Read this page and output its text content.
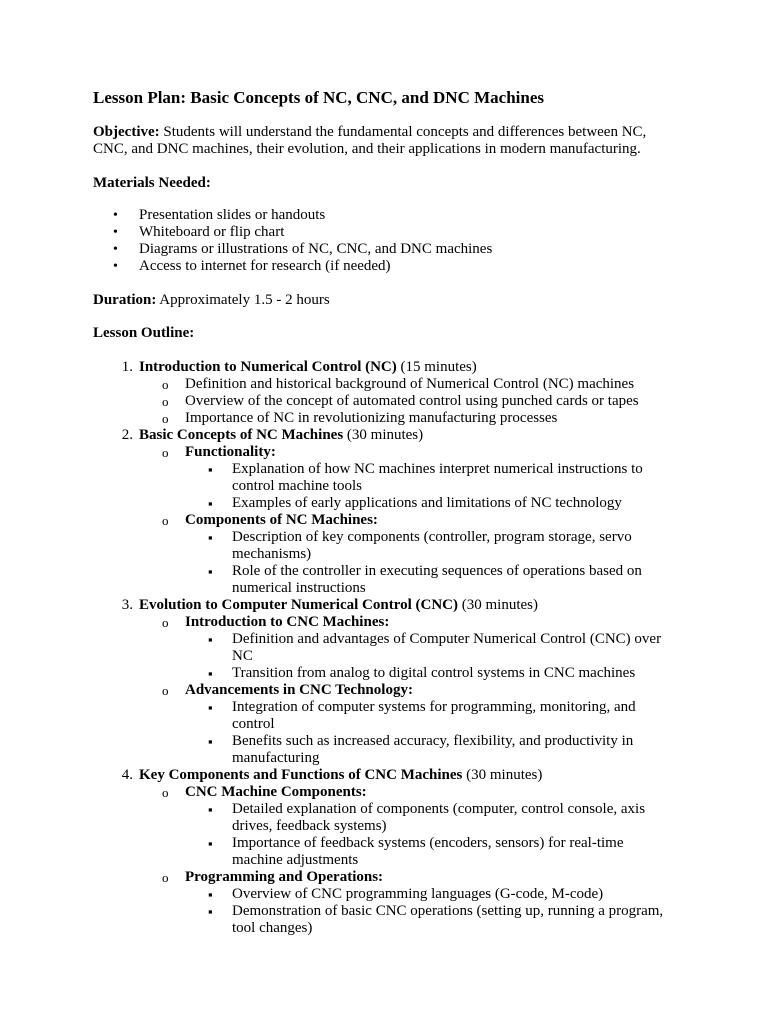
Lesson Plan: Basic Concepts of NC, CNC, and DNC Machines

Objective: Students will understand the fundamental concepts and differences between NC, CNC, and DNC machines, their evolution, and their applications in modern manufacturing.

Materials Needed:

• Presentation slides or handouts
• Whiteboard or flip chart
• Diagrams or illustrations of NC, CNC, and DNC machines
• Access to internet for research (if needed)

Duration: Approximately 1.5 - 2 hours

Lesson Outline:

1. Introduction to Numerical Control (NC) (15 minutes)
o Definition and historical background of Numerical Control (NC) machines
o Overview of the concept of automated control using punched cards or tapes
o Importance of NC in revolutionizing manufacturing processes
2. Basic Concepts of NC Machines (30 minutes)
o Functionality:
▪ Explanation of how NC machines interpret numerical instructions to control machine tools
▪ Examples of early applications and limitations of NC technology
o Components of NC Machines:
▪ Description of key components (controller, program storage, servo mechanisms)
▪ Role of the controller in executing sequences of operations based on numerical instructions
3. Evolution to Computer Numerical Control (CNC) (30 minutes)
o Introduction to CNC Machines:
▪ Definition and advantages of Computer Numerical Control (CNC) over NC
▪ Transition from analog to digital control systems in CNC machines
o Advancements in CNC Technology:
▪ Integration of computer systems for programming, monitoring, and control
▪ Benefits such as increased accuracy, flexibility, and productivity in manufacturing
4. Key Components and Functions of CNC Machines (30 minutes)
o CNC Machine Components:
▪ Detailed explanation of components (computer, control console, axis drives, feedback systems)
▪ Importance of feedback systems (encoders, sensors) for real-time machine adjustments
o Programming and Operations:
▪ Overview of CNC programming languages (G-code, M-code)
▪ Demonstration of basic CNC operations (setting up, running a program, tool changes)
